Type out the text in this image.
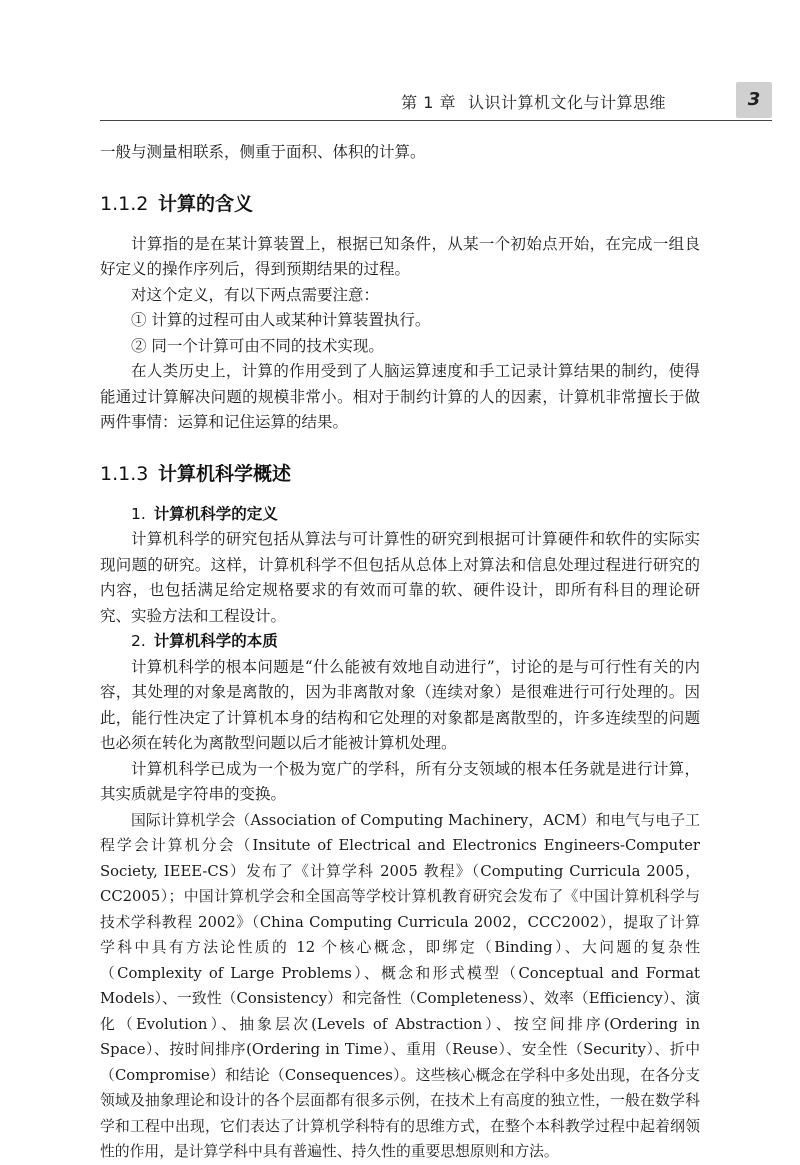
第 1 章 认识计算机文化与计算思维	3

一般与测量相联系，侧重于面积、体积的计算。

1.1.2 计算的含义

计算指的是在某计算装置上，根据已知条件，从某一个初始点开始，在完成一组良好定义的操作序列后，得到预期结果的过程。

对这个定义，有以下两点需要注意：

① 计算的过程可由人或某种计算装置执行。

② 同一个计算可由不同的技术实现。

在人类历史上，计算的作用受到了人脑运算速度和手工记录计算结果的制约，使得能通过计算解决问题的规模非常小。相对于制约计算的人的因素，计算机非常擅长于做两件事情：运算和记住运算的结果。

1.1.3 计算机科学概述
1. 计算机科学的定义

计算机科学的研究包括从算法与可计算性的研究到根据可计算硬件和软件的实际实现问题的研究。这样，计算机科学不但包括从总体上对算法和信息处理过程进行研究的内容，也包括满足给定规格要求的有效而可靠的软、硬件设计，即所有科目的理论研究、实验方法和工程设计。

2. 计算机科学的本质

计算机科学的根本问题是“什么能被有效地自动进行”，讨论的是与可行性有关的内容，其处理的对象是离散的，因为非离散对象（连续对象）是很难进行可行处理的。因此，能行性决定了计算机本身的结构和它处理的对象都是离散型的，许多连续型的问题也必须在转化为离散型问题以后才能被计算机处理。

计算机科学已成为一个极为宽广的学科，所有分支领域的根本任务就是进行计算，其实质就是字符串的变换。

国际计算机学会（Association of Computing Machinery，ACM）和电气与电子工程学会计算机分会（Insitute of Electrical and Electronics Engineers-Computer Society, IEEE-CS）发布了《计算学科 2005 教程》（Computing Curricula 2005，CC2005）；中国计算机学会和全国高等学校计算机教育研究会发布了《中国计算机科学与技术学科教程 2002》（China Computing Curricula 2002，CCC2002），提取了计算学科中具有方法论性质的 12 个核心概念，即绑定（Binding）、大问题的复杂性（Complexity of Large Problems）、概念和形式模型（Conceptual and Format Models）、一致性（Consistency）和完备性（Completeness）、效率（Efficiency）、演化（Evolution）、抽象层次(Levels of Abstraction）、按空间排序(Ordering in Space）、按时间排序(Ordering in Time）、重用（Reuse）、安全性（Security）、折中（Compromise）和结论（Consequences）。这些核心概念在学科中多处出现，在各分支领域及抽象理论和设计的各个层面都有很多示例，在技术上有高度的独立性，一般在数学科学和工程中出现，它们表达了计算机学科特有的思维方式，在整个本科教学过程中起着纲领性的作用，是计算学科中具有普遍性、持久性的重要思想原则和方法。
